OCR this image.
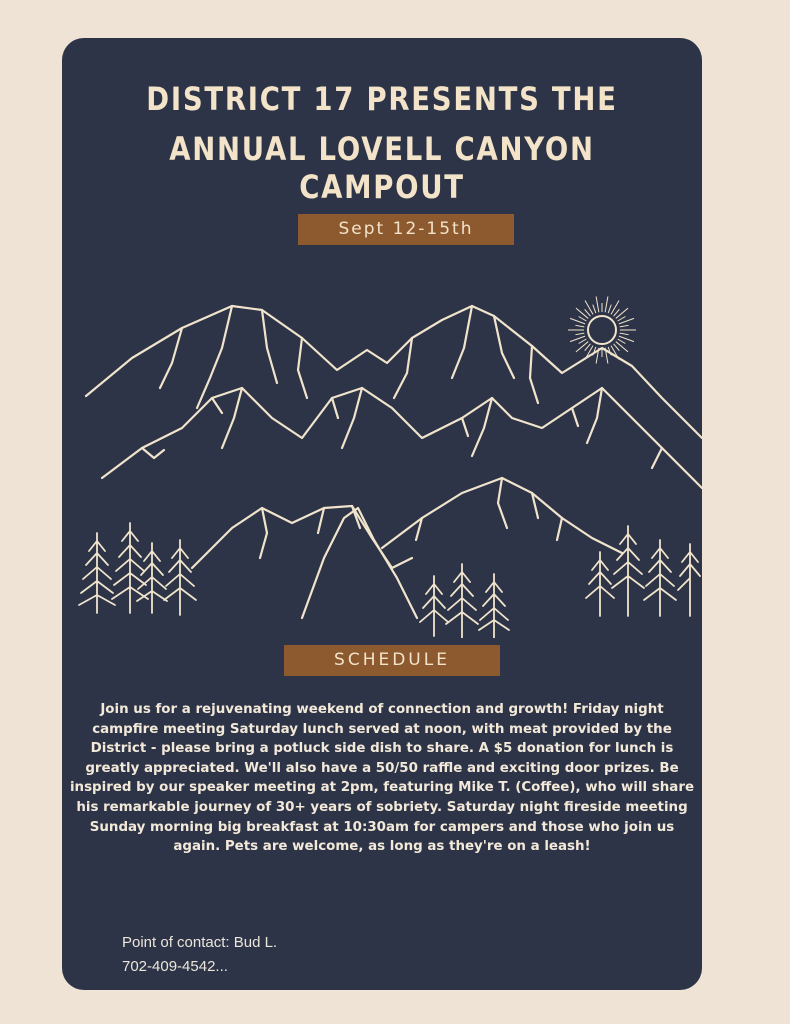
DISTRICT 17 PRESENTS THE
ANNUAL LOVELL CANYON CAMPOUT
Sept 12-15th
SCHEDULE

Join us for a rejuvenating weekend of connection and growth! Friday night campfire meeting Saturday lunch served at noon, with meat provided by the District - please bring a potluck side dish to share. A $5 donation for lunch is greatly appreciated. We'll also have a 50/50 raffle and exciting door prizes. Be inspired by our speaker meeting at 2pm, featuring Mike T. (Coffee), who will share his remarkable journey of 30+ years of sobriety. Saturday night fireside meeting Sunday morning big breakfast at 10:30am for campers and those who join us again. Pets are welcome, as long as they're on a leash!

Point of contact: Bud L.
702-409-4542...
